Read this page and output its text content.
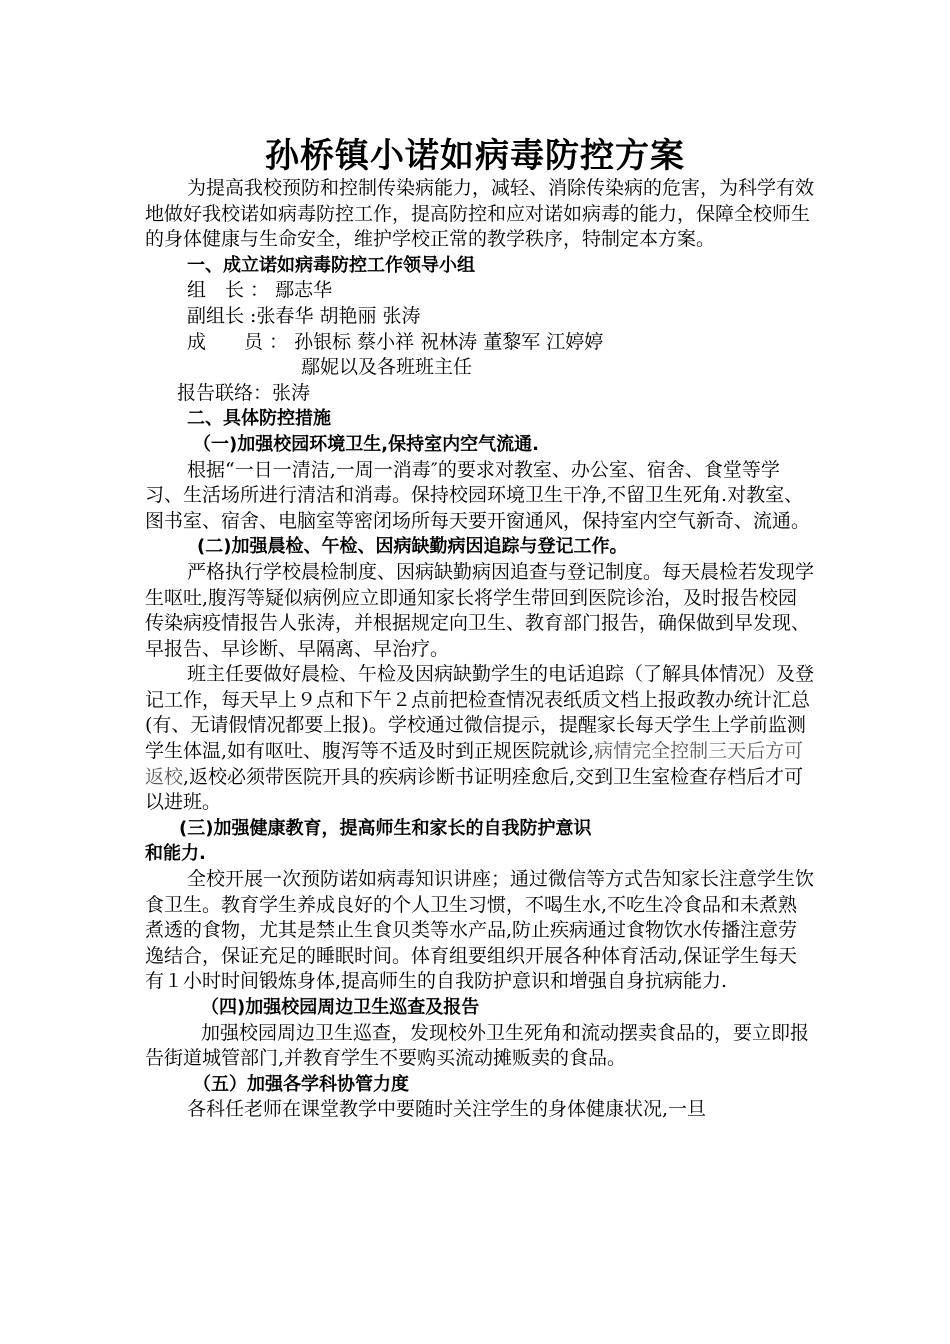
孙桥镇小诺如病毒防控方案

为提高我校预防和控制传染病能力，减轻、消除传染病的危害，为科学有效地做好我校诺如病毒防控工作，提高防控和应对诺如病毒的能力，保障全校师生的身体健康与生命安全，维护学校正常的教学秩序，特制定本方案。

一、成立诺如病毒防控工作领导小组

组　长 ： 鄢志华

副组长 :张春华 胡艳丽 张涛

成　　员 ： 孙银标 蔡小祥 祝林涛 董黎军 江婷婷

鄢妮以及各班班主任

报告联络：张涛

二、具体防控措施

（一)加强校园环境卫生,保持室内空气流通.

根据“一日一清洁,一周一消毒″的要求对教室、办公室、宿舍、食堂等学习、生活场所进行清洁和消毒。保持校园环境卫生干净,不留卫生死角.对教室、图书室、宿舍、电脑室等密闭场所每天要开窗通风，保持室内空气新奇、流通。

(二)加强晨检、午检、因病缺勤病因追踪与登记工作。

严格执行学校晨检制度、因病缺勤病因追查与登记制度。每天晨检若发现学生呕吐,腹泻等疑似病例应立即通知家长将学生带回到医院诊治，及时报告校园传染病疫情报告人张涛，并根据规定向卫生、教育部门报告，确保做到早发现、早报告、早诊断、早隔离、早治疗。

班主任要做好晨检、午检及因病缺勤学生的电话追踪（了解具体情况）及登记工作，每天早上９点和下午２点前把检查情况表纸质文档上报政教办统计汇总(有、无请假情况都要上报)。学校通过微信提示，提醒家长每天学生上学前监测学生体温,如有呕吐、腹泻等不适及时到正规医院就诊,病情完全控制三天后方可返校,返校必须带医院开具的疾病诊断书证明痊愈后,交到卫生室检查存档后才可以进班。

(三)加强健康教育，提高师生和家长的自我防护意识

和能力.

全校开展一次预防诺如病毒知识讲座；通过微信等方式告知家长注意学生饮食卫生。教育学生养成良好的个人卫生习惯，不喝生水,不吃生冷食品和未煮熟煮透的食物，尤其是禁止生食贝类等水产品,防止疾病通过食物饮水传播注意劳逸结合，保证充足的睡眠时间。体育组要组织开展各种体育活动,保证学生每天有１小时时间锻炼身体,提高师生的自我防护意识和增强自身抗病能力.

（四)加强校园周边卫生巡查及报告

加强校园周边卫生巡查，发现校外卫生死角和流动摆卖食品的，要立即报告街道城管部门,并教育学生不要购买流动摊贩卖的食品。

（五）加强各学科协管力度

各科任老师在课堂教学中要随时关注学生的身体健康状况,一旦
